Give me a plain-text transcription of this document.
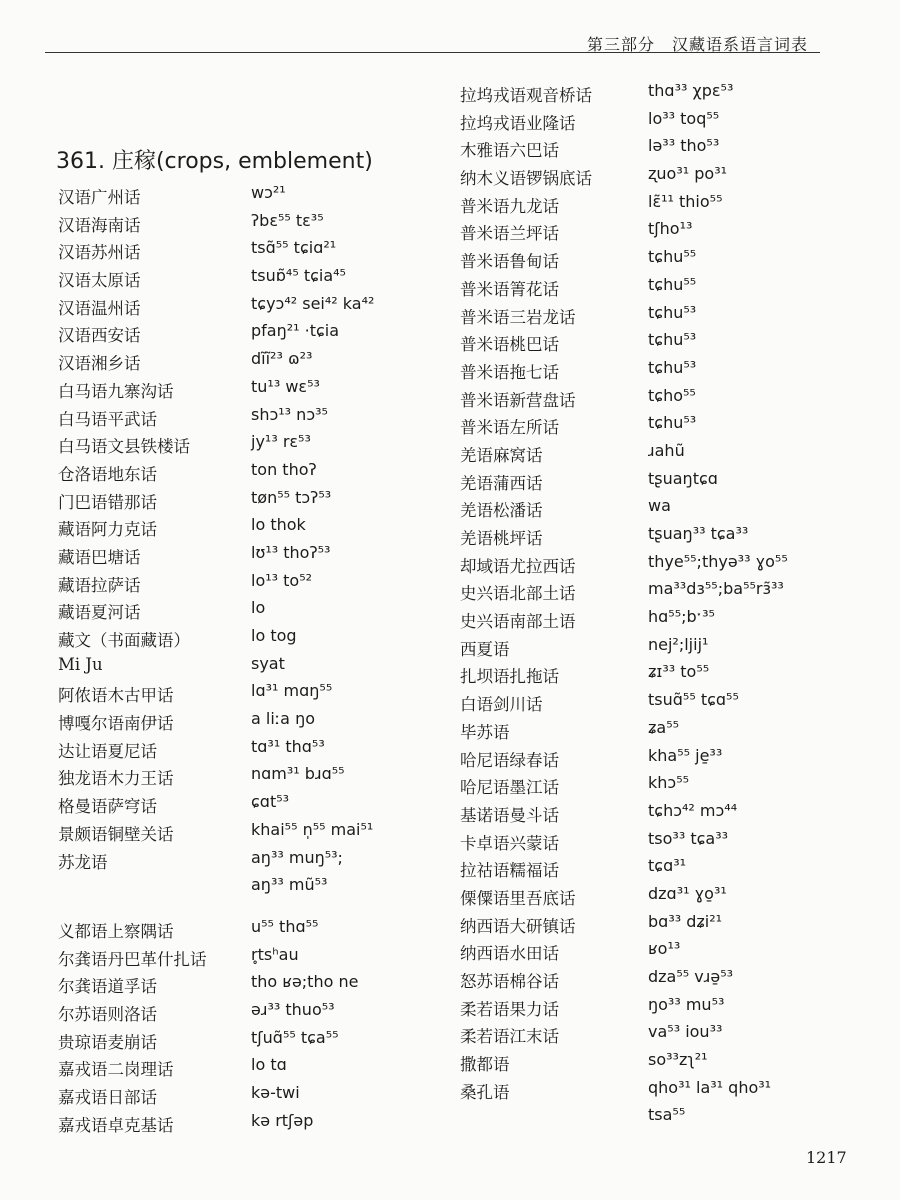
第三部分　汉藏语系语言词表
361. 庄稼(crops, emblement)
汉语广州话	wɔ²¹
汉语海南话	ʔbɛ⁵⁵ tɛ³⁵
汉语苏州话	tsɑ̃⁵⁵ tɕiɑ²¹
汉语太原话	tsuɒ̃⁴⁵ tɕia⁴⁵
汉语温州话	tɕyɔ⁴² sei⁴² ka⁴²
汉语西安话	pfaŋ²¹ ·tɕia
汉语湘乡话	dĩĩ²³ ɷ²³
白马语九寨沟话	tu¹³ wɛ⁵³
白马语平武话	shɔ¹³ nɔ³⁵
白马语文县铁楼话	jy¹³ rɛ⁵³
仓洛语地东话	ton thoʔ
门巴语错那话	tøn⁵⁵ tɔʔ⁵³
藏语阿力克话	lo thok
藏语巴塘话	lʊ¹³ thoʔ⁵³
藏语拉萨话	lo¹³ to⁵²
藏语夏河话	lo
藏文（书面藏语）	lo tog
Mi Ju	syat
阿侬语木古甲话	lɑ³¹ mɑŋ⁵⁵
博嘎尔语南伊话	a liːa ŋo
达让语夏尼话	tɑ³¹ thɑ⁵³
独龙语木力王话	nɑm³¹ bɹɑ⁵⁵
格曼语萨穹话	ɕɑt⁵³
景颇语铜壁关话	khai⁵⁵ n̩⁵⁵ mai⁵¹
苏龙语	aŋ³³ muŋ⁵³;
aŋ³³ mũ⁵³
义都语上察隅话	u⁵⁵ thɑ⁵⁵
尔龚语丹巴革什扎话	r̥tsʰau
尔龚语道孚话	tho ʁə;tho ne
尔苏语则洛话	əɹ³³ thuo⁵³
贵琼语麦崩话	tʃuɑ̃⁵⁵ tɕa⁵⁵
嘉戎语二岗理话	lo tɑ
嘉戎语日部话	kə-twi
嘉戎语卓克基话	kə rtʃəp
拉坞戎语观音桥话	thɑ³³ χpɛ⁵³
拉坞戎语业隆话	lo³³ toq⁵⁵
木雅语六巴话	lə³³ tho⁵³
纳木义语锣锅底话	ʐuo³¹ po³¹
普米语九龙话	lɛ̃¹¹ thio⁵⁵
普米语兰坪话	tʃho¹³
普米语鲁甸话	tɕhu⁵⁵
普米语箐花话	tɕhu⁵⁵
普米语三岩龙话	tɕhu⁵³
普米语桃巴话	tɕhu⁵³
普米语拖七话	tɕhu⁵³
普米语新营盘话	tɕho⁵⁵
普米语左所话	tɕhu⁵³
羌语麻窝话	ɹahũ
羌语蒲西话	tʂuaŋtɕɑ
羌语松潘话	wa
羌语桃坪话	tʂuaŋ³³ tɕa³³
却域语尤拉西话	thye⁵⁵;thyə³³ ɣo⁵⁵
史兴语北部土话	ma³³dз⁵⁵;ba⁵⁵rɜ̃³³
史兴语南部土语	hɑ⁵⁵;bˑ³⁵
西夏语	nej²;ljij¹
扎坝语扎拖话	ʑɪ³³ to⁵⁵
白语剑川话	tsuɑ̃⁵⁵ tɕɑ⁵⁵
毕苏语	ʑa⁵⁵
哈尼语绿春话	kha⁵⁵ je̱³³
哈尼语墨江话	khɔ⁵⁵
基诺语曼斗话	tɕhɔ⁴² mɔ⁴⁴
卡卓语兴蒙话	tso³³ tɕa³³
拉祜语糯福话	tɕɑ³¹
傈僳语里吾底话	dzɑ³¹ ɣo̱³¹
纳西语大研镇话	bɑ³³ dʑi²¹
纳西语水田话	ʁo¹³
怒苏语棉谷话	dza⁵⁵ vɹə̱⁵³
柔若语果力话	ŋo³³ mu⁵³
柔若语江末话	va⁵³ iou³³
撒都语	so³³zʅ²¹
桑孔语	qho³¹ la³¹ qho³¹
tsa⁵⁵
1217
